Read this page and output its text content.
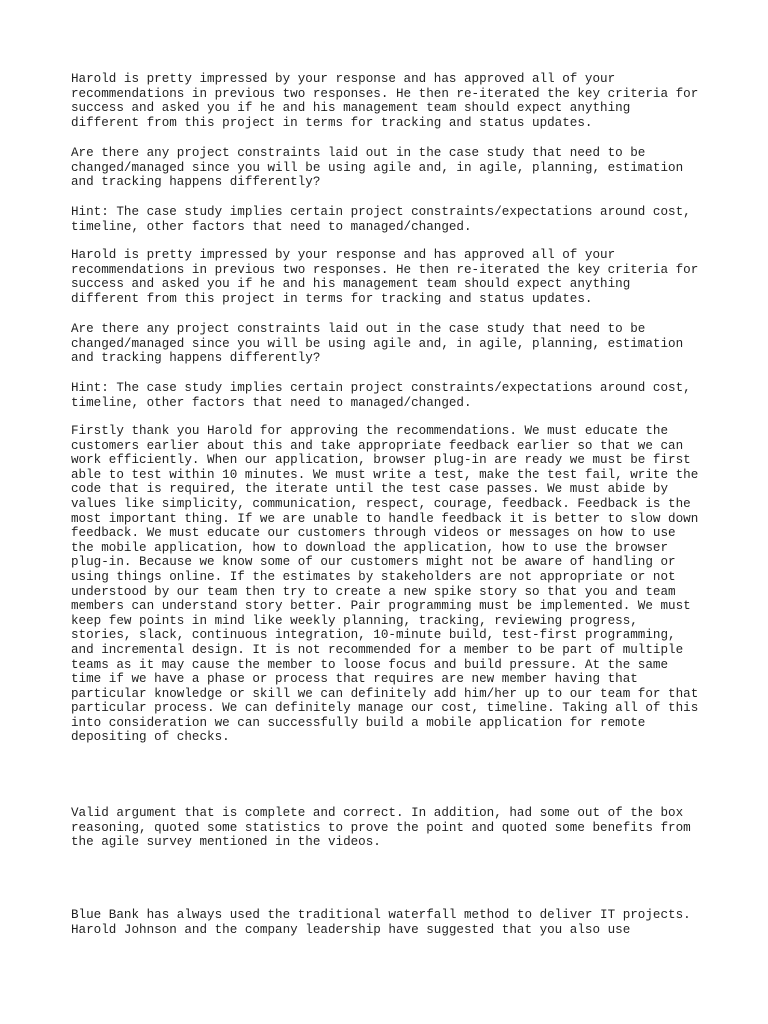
Harold is pretty impressed by your response and has approved all of your
recommendations in previous two responses. He then re-iterated the key criteria for
success and asked you if he and his management team should expect anything
different from this project in terms for tracking and status updates.

Are there any project constraints laid out in the case study that need to be
changed/managed since you will be using agile and, in agile, planning, estimation
and tracking happens differently?

Hint: The case study implies certain project constraints/expectations around cost,
timeline, other factors that need to managed/changed.

Harold is pretty impressed by your response and has approved all of your
recommendations in previous two responses. He then re-iterated the key criteria for
success and asked you if he and his management team should expect anything
different from this project in terms for tracking and status updates.

Are there any project constraints laid out in the case study that need to be
changed/managed since you will be using agile and, in agile, planning, estimation
and tracking happens differently?

Hint: The case study implies certain project constraints/expectations around cost,
timeline, other factors that need to managed/changed.

Firstly thank you Harold for approving the recommendations. We must educate the
customers earlier about this and take appropriate feedback earlier so that we can
work efficiently. When our application, browser plug-in are ready we must be first
able to test within 10 minutes. We must write a test, make the test fail, write the
code that is required, the iterate until the test case passes. We must abide by
values like simplicity, communication, respect, courage, feedback. Feedback is the
most important thing. If we are unable to handle feedback it is better to slow down
feedback. We must educate our customers through videos or messages on how to use
the mobile application, how to download the application, how to use the browser
plug-in. Because we know some of our customers might not be aware of handling or
using things online. If the estimates by stakeholders are not appropriate or not
understood by our team then try to create a new spike story so that you and team
members can understand story better. Pair programming must be implemented. We must
keep few points in mind like weekly planning, tracking, reviewing progress,
stories, slack, continuous integration, 10-minute build, test-first programming,
and incremental design. It is not recommended for a member to be part of multiple
teams as it may cause the member to loose focus and build pressure. At the same
time if we have a phase or process that requires are new member having that
particular knowledge or skill we can definitely add him/her up to our team for that
particular process. We can definitely manage our cost, timeline. Taking all of this
into consideration we can successfully build a mobile application for remote
depositing of checks.

Valid argument that is complete and correct. In addition, had some out of the box
reasoning, quoted some statistics to prove the point and quoted some benefits from
the agile survey mentioned in the videos.

Blue Bank has always used the traditional waterfall method to deliver IT projects.
Harold Johnson and the company leadership have suggested that you also use
